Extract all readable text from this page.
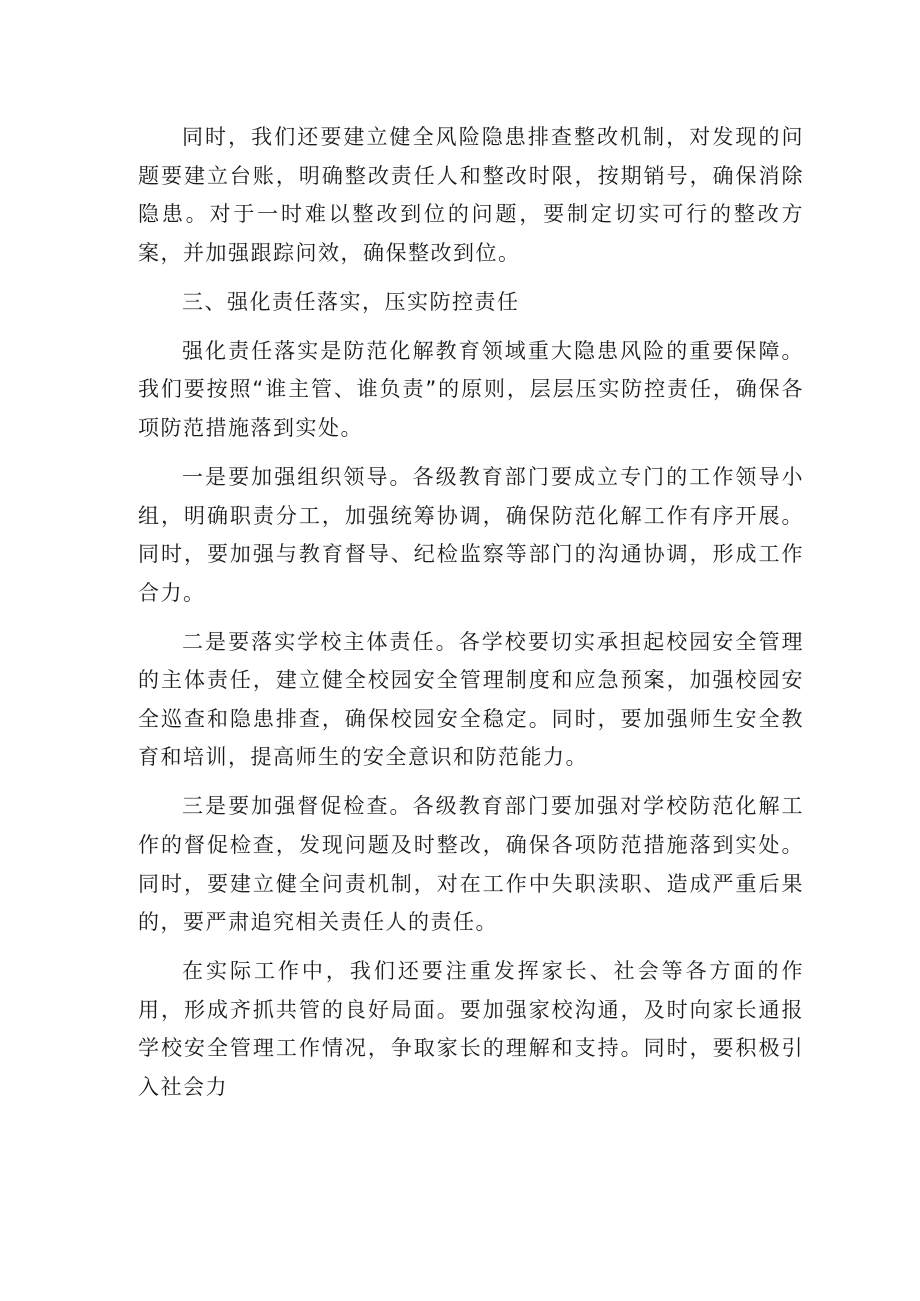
同时，我们还要建立健全风险隐患排查整改机制，对发现的问题要建立台账，明确整改责任人和整改时限，按期销号，确保消除隐患。对于一时难以整改到位的问题，要制定切实可行的整改方案，并加强跟踪问效，确保整改到位。

三、强化责任落实，压实防控责任

强化责任落实是防范化解教育领域重大隐患风险的重要保障。我们要按照“谁主管、谁负责”的原则，层层压实防控责任，确保各项防范措施落到实处。

一是要加强组织领导。各级教育部门要成立专门的工作领导小组，明确职责分工，加强统筹协调，确保防范化解工作有序开展。同时，要加强与教育督导、纪检监察等部门的沟通协调，形成工作合力。

二是要落实学校主体责任。各学校要切实承担起校园安全管理的主体责任，建立健全校园安全管理制度和应急预案，加强校园安全巡查和隐患排查，确保校园安全稳定。同时，要加强师生安全教育和培训，提高师生的安全意识和防范能力。

三是要加强督促检查。各级教育部门要加强对学校防范化解工作的督促检查，发现问题及时整改，确保各项防范措施落到实处。同时，要建立健全问责机制，对在工作中失职渎职、造成严重后果的，要严肃追究相关责任人的责任。

在实际工作中，我们还要注重发挥家长、社会等各方面的作用，形成齐抓共管的良好局面。要加强家校沟通，及时向家长通报学校安全管理工作情况，争取家长的理解和支持。同时，要积极引入社会力
